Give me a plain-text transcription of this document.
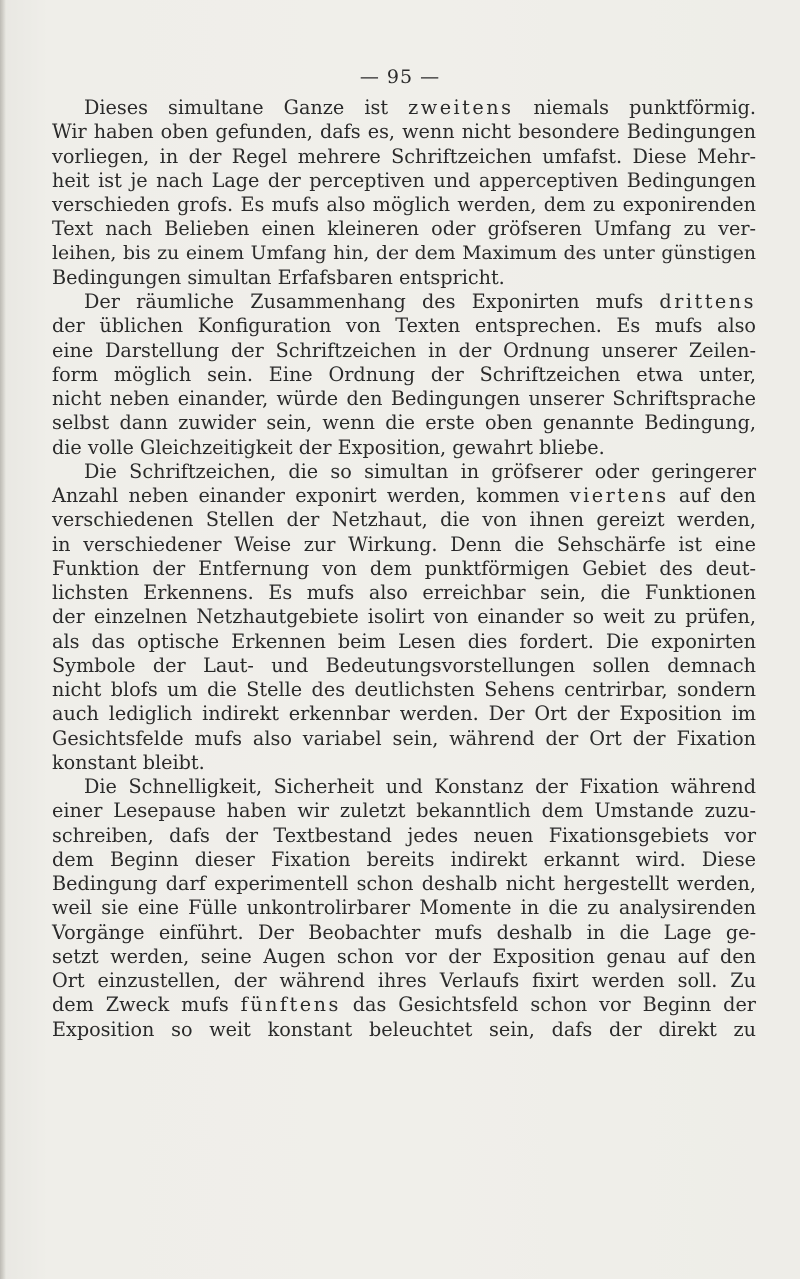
— 95 —
Dieses simultane Ganze ist zweitens niemals punktförmig.
Wir haben oben gefunden, dafs es, wenn nicht besondere Bedingungen
vorliegen, in der Regel mehrere Schriftzeichen umfafst. Diese Mehr-
heit ist je nach Lage der perceptiven und apperceptiven Bedingungen
verschieden grofs. Es mufs also möglich werden, dem zu exponirenden
Text nach Belieben einen kleineren oder gröfseren Umfang zu ver-
leihen, bis zu einem Umfang hin, der dem Maximum des unter günstigen
Bedingungen simultan Erfafsbaren entspricht.
Der räumliche Zusammenhang des Exponirten mufs drittens
der üblichen Konfiguration von Texten entsprechen. Es mufs also
eine Darstellung der Schriftzeichen in der Ordnung unserer Zeilen-
form möglich sein. Eine Ordnung der Schriftzeichen etwa unter,
nicht neben einander, würde den Bedingungen unserer Schriftsprache
selbst dann zuwider sein, wenn die erste oben genannte Bedingung,
die volle Gleichzeitigkeit der Exposition, gewahrt bliebe.
Die Schriftzeichen, die so simultan in gröfserer oder geringerer
Anzahl neben einander exponirt werden, kommen viertens auf den
verschiedenen Stellen der Netzhaut, die von ihnen gereizt werden,
in verschiedener Weise zur Wirkung. Denn die Sehschärfe ist eine
Funktion der Entfernung von dem punktförmigen Gebiet des deut-
lichsten Erkennens. Es mufs also erreichbar sein, die Funktionen
der einzelnen Netzhautgebiete isolirt von einander so weit zu prüfen,
als das optische Erkennen beim Lesen dies fordert. Die exponirten
Symbole der Laut- und Bedeutungsvorstellungen sollen demnach
nicht blofs um die Stelle des deutlichsten Sehens centrirbar, sondern
auch lediglich indirekt erkennbar werden. Der Ort der Exposition im
Gesichtsfelde mufs also variabel sein, während der Ort der Fixation
konstant bleibt.
Die Schnelligkeit, Sicherheit und Konstanz der Fixation während
einer Lesepause haben wir zuletzt bekanntlich dem Umstande zuzu-
schreiben, dafs der Textbestand jedes neuen Fixationsgebiets vor
dem Beginn dieser Fixation bereits indirekt erkannt wird. Diese
Bedingung darf experimentell schon deshalb nicht hergestellt werden,
weil sie eine Fülle unkontrolirbarer Momente in die zu analysirenden
Vorgänge einführt. Der Beobachter mufs deshalb in die Lage ge-
setzt werden, seine Augen schon vor der Exposition genau auf den
Ort einzustellen, der während ihres Verlaufs fixirt werden soll. Zu
dem Zweck mufs fünftens das Gesichtsfeld schon vor Beginn der
Exposition so weit konstant beleuchtet sein, dafs der direkt zu
